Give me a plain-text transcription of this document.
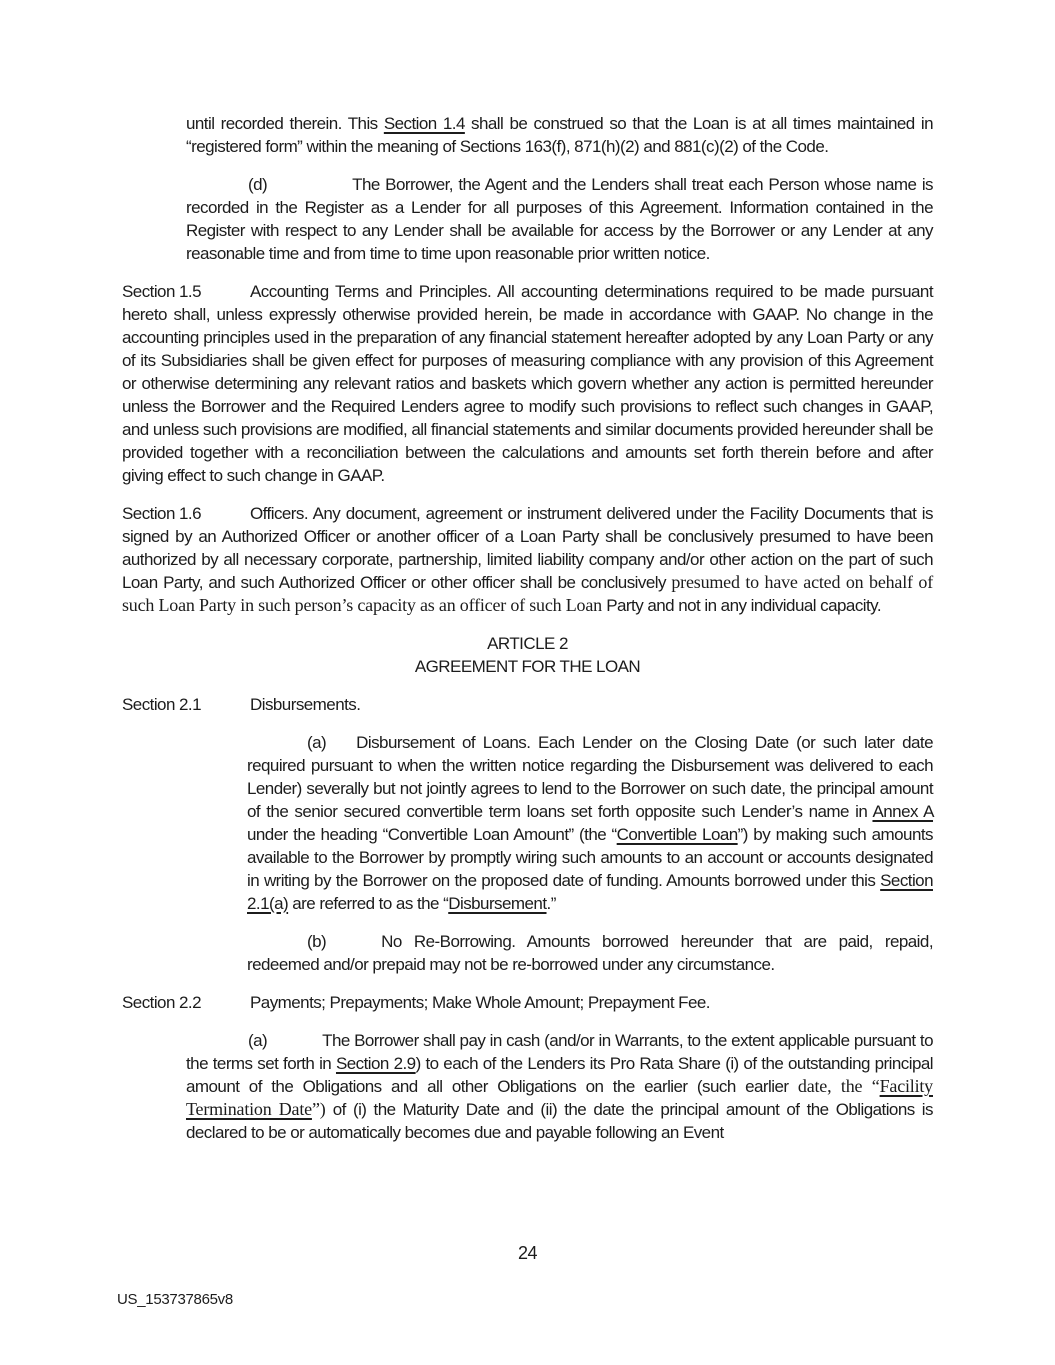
until recorded therein. This Section 1.4 shall be construed so that the Loan is at all times maintained in “registered form” within the meaning of Sections 163(f), 871(h)(2) and 881(c)(2) of the Code.

(d)	The Borrower, the Agent and the Lenders shall treat each Person whose name is recorded in the Register as a Lender for all purposes of this Agreement. Information contained in the Register with respect to any Lender shall be available for access by the Borrower or any Lender at any reasonable time and from time to time upon reasonable prior written notice.

Section 1.5	Accounting Terms and Principles. All accounting determinations required to be made pursuant hereto shall, unless expressly otherwise provided herein, be made in accordance with GAAP. No change in the accounting principles used in the preparation of any financial statement hereafter adopted by any Loan Party or any of its Subsidiaries shall be given effect for purposes of measuring compliance with any provision of this Agreement or otherwise determining any relevant ratios and baskets which govern whether any action is permitted hereunder unless the Borrower and the Required Lenders agree to modify such provisions to reflect such changes in GAAP, and unless such provisions are modified, all financial statements and similar documents provided hereunder shall be provided together with a reconciliation between the calculations and amounts set forth therein before and after giving effect to such change in GAAP.

Section 1.6	Officers. Any document, agreement or instrument delivered under the Facility Documents that is signed by an Authorized Officer or another officer of a Loan Party shall be conclusively presumed to have been authorized by all necessary corporate, partnership, limited liability company and/or other action on the part of such Loan Party, and such Authorized Officer or other officer shall be conclusively presumed to have acted on behalf of such Loan Party in such person’s capacity as an officer of such Loan Party and not in any individual capacity.

ARTICLE 2

AGREEMENT FOR THE LOAN

Section 2.1	Disbursements.

(a) Disbursement of Loans. Each Lender on the Closing Date (or such later date required pursuant to when the written notice regarding the Disbursement was delivered to each Lender) severally but not jointly agrees to lend to the Borrower on such date, the principal amount of the senior secured convertible term loans set forth opposite such Lender’s name in Annex A under the heading “Convertible Loan Amount” (the “Convertible Loan”) by making such amounts available to the Borrower by promptly wiring such amounts to an account or accounts designated in writing by the Borrower on the proposed date of funding. Amounts borrowed under this Section 2.1(a) are referred to as the “Disbursement.”

(b)	No Re-Borrowing. Amounts borrowed hereunder that are paid, repaid, redeemed and/or prepaid may not be re-borrowed under any circumstance.

Section 2.2	Payments; Prepayments; Make Whole Amount; Prepayment Fee.

(a)	The Borrower shall pay in cash (and/or in Warrants, to the extent applicable pursuant to the terms set forth in Section 2.9) to each of the Lenders its Pro Rata Share (i) of the outstanding principal amount of the Obligations and all other Obligations on the earlier (such earlier date, the “Facility Termination Date”) of (i) the Maturity Date and (ii) the date the principal amount of the Obligations is declared to be or automatically becomes due and payable following an Event

24
US_153737865v8
